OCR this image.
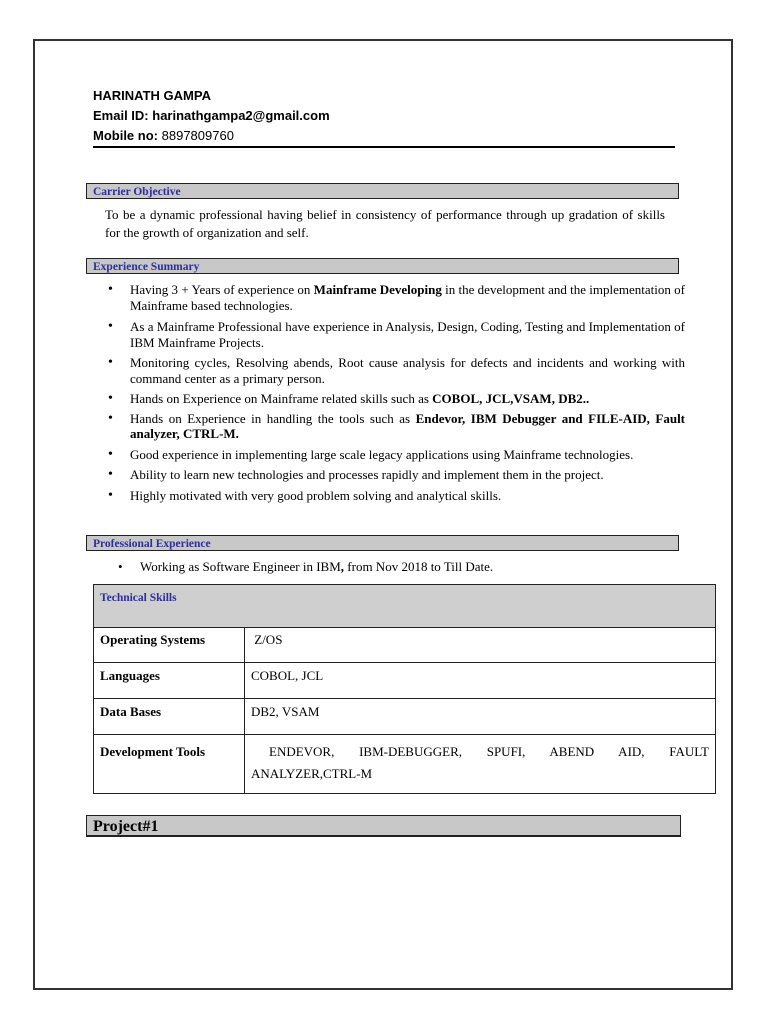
HARINATH GAMPA
Email ID: harinathgampa2@gmail.com
Mobile no: 8897809760
Carrier Objective
To be a dynamic professional having belief in consistency of performance through up gradation of skills for the growth of organization and self.
Experience Summary
• Having 3 + Years of experience on Mainframe Developing in the development and the implementation of Mainframe based technologies.
• As a Mainframe Professional have experience in Analysis, Design, Coding, Testing and Implementation of IBM Mainframe Projects.
• Monitoring cycles, Resolving abends, Root cause analysis for defects and incidents and working with command center as a primary person.
• Hands on Experience on Mainframe related skills such as COBOL, JCL,VSAM, DB2..
• Hands on Experience in handling the tools such as Endevor, IBM Debugger and FILE-AID, Fault analyzer, CTRL-M.
• Good experience in implementing large scale legacy applications using Mainframe technologies.
• Ability to learn new technologies and processes rapidly and implement them in the project.
• Highly motivated with very good problem solving and analytical skills.
Professional Experience
• Working as Software Engineer in IBM, from Nov 2018 to Till Date.
Technical Skills	
Operating Systems	Z/OS
Languages	COBOL, JCL
Data Bases	DB2, VSAM
Development Tools	ENDEVOR, IBM-DEBUGGER, SPUFI, ABEND AID, FAULT ANALYZER,CTRL-M
Project#1
